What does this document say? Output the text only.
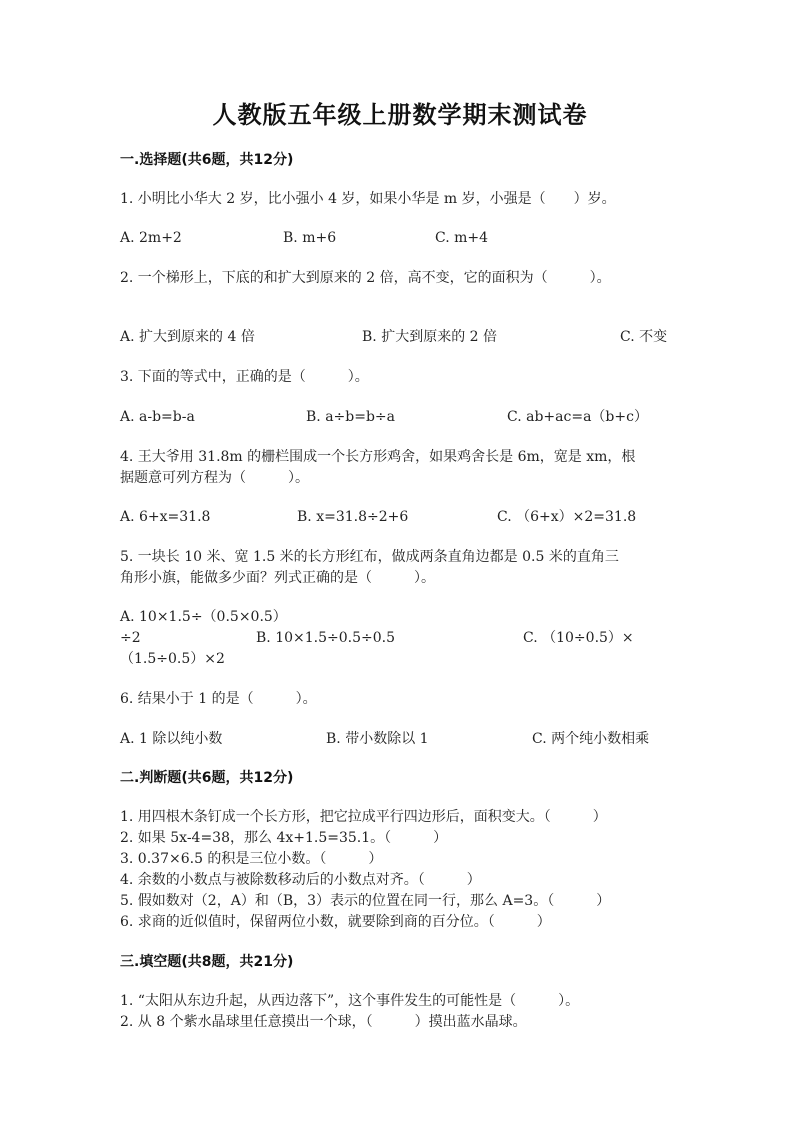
人教版五年级上册数学期末测试卷
一.选择题(共6题，共12分)
1. 小明比小华大 2 岁，比小强小 4 岁，如果小华是 m 岁，小强是（　　）岁。
A. 2m+2	B. m+6	C. m+4
2. 一个梯形上，下底的和扩大到原来的 2 倍，高不变，它的面积为（　　　）。
A. 扩大到原来的 4 倍	B. 扩大到原来的 2 倍	C. 不变
3. 下面的等式中，正确的是（　　　）。
A. a-b=b-a	B. a÷b=b÷a	C. ab+ac=a（b+c）
4. 王大爷用 31.8m 的栅栏围成一个长方形鸡舍，如果鸡舍长是 6m，宽是 xm，根
据题意可列方程为（　　　）。
A. 6+x=31.8	B. x=31.8÷2+6	C. （6+x）×2=31.8
5. 一块长 10 米、宽 1.5 米的长方形红布，做成两条直角边都是 0.5 米的直角三
角形小旗，能做多少面？列式正确的是（　　　）。
A. 10×1.5÷（0.5×0.5）
÷2	B. 10×1.5÷0.5÷0.5	C. （10÷0.5）×
（1.5÷0.5）×2
6. 结果小于 1 的是（　　　）。
A. 1 除以纯小数	B. 带小数除以 1	C. 两个纯小数相乘
二.判断题(共6题，共12分)
1. 用四根木条钉成一个长方形，把它拉成平行四边形后，面积变大。（　　　）
2. 如果 5x-4=38，那么 4x+1.5=35.1。（　　　）
3. 0.37×6.5 的积是三位小数。（　　　）
4. 余数的小数点与被除数移动后的小数点对齐。（　　　）
5. 假如数对（2，A）和（B，3）表示的位置在同一行，那么 A=3。（　　　）
6. 求商的近似值时，保留两位小数，就要除到商的百分位。（　　　）
三.填空题(共8题，共21分)
1. “太阳从东边升起，从西边落下”，这个事件发生的可能性是（　　　）。
2. 从 8 个紫水晶球里任意摸出一个球，（　　　）摸出蓝水晶球。
